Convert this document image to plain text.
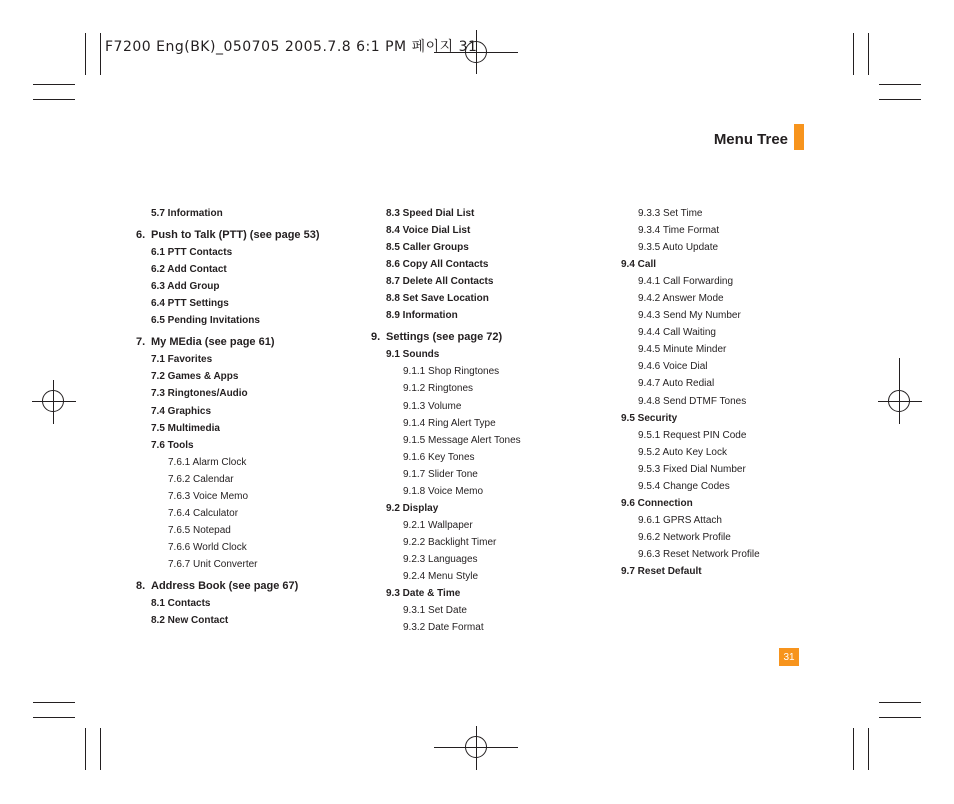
F7200 Eng(BK)_050705 2005.7.8 6:1 PM 페이지 31
Menu Tree
5.7 Information
6. Push to Talk (PTT) (see page 53)
6.1 PTT Contacts
6.2 Add Contact
6.3 Add Group
6.4 PTT Settings
6.5 Pending Invitations
7. My MEdia (see page 61)
7.1 Favorites
7.2 Games & Apps
7.3 Ringtones/Audio
7.4 Graphics
7.5 Multimedia
7.6 Tools
7.6.1 Alarm Clock
7.6.2 Calendar
7.6.3 Voice Memo
7.6.4 Calculator
7.6.5 Notepad
7.6.6 World Clock
7.6.7 Unit Converter
8. Address Book (see page 67)
8.1 Contacts
8.2 New Contact
8.3 Speed Dial List
8.4 Voice Dial List
8.5 Caller Groups
8.6 Copy All Contacts
8.7 Delete All Contacts
8.8 Set Save Location
8.9 Information
9. Settings (see page 72)
9.1 Sounds
9.1.1 Shop Ringtones
9.1.2 Ringtones
9.1.3 Volume
9.1.4 Ring Alert Type
9.1.5 Message Alert Tones
9.1.6 Key Tones
9.1.7 Slider Tone
9.1.8 Voice Memo
9.2 Display
9.2.1 Wallpaper
9.2.2 Backlight Timer
9.2.3 Languages
9.2.4 Menu Style
9.3 Date & Time
9.3.1 Set Date
9.3.2 Date Format
9.3.3 Set Time
9.3.4 Time Format
9.3.5 Auto Update
9.4 Call
9.4.1 Call Forwarding
9.4.2 Answer Mode
9.4.3 Send My Number
9.4.4 Call Waiting
9.4.5 Minute Minder
9.4.6 Voice Dial
9.4.7 Auto Redial
9.4.8 Send DTMF Tones
9.5 Security
9.5.1 Request PIN Code
9.5.2 Auto Key Lock
9.5.3 Fixed Dial Number
9.5.4 Change Codes
9.6 Connection
9.6.1 GPRS Attach
9.6.2 Network Profile
9.6.3 Reset Network Profile
9.7 Reset Default
31
